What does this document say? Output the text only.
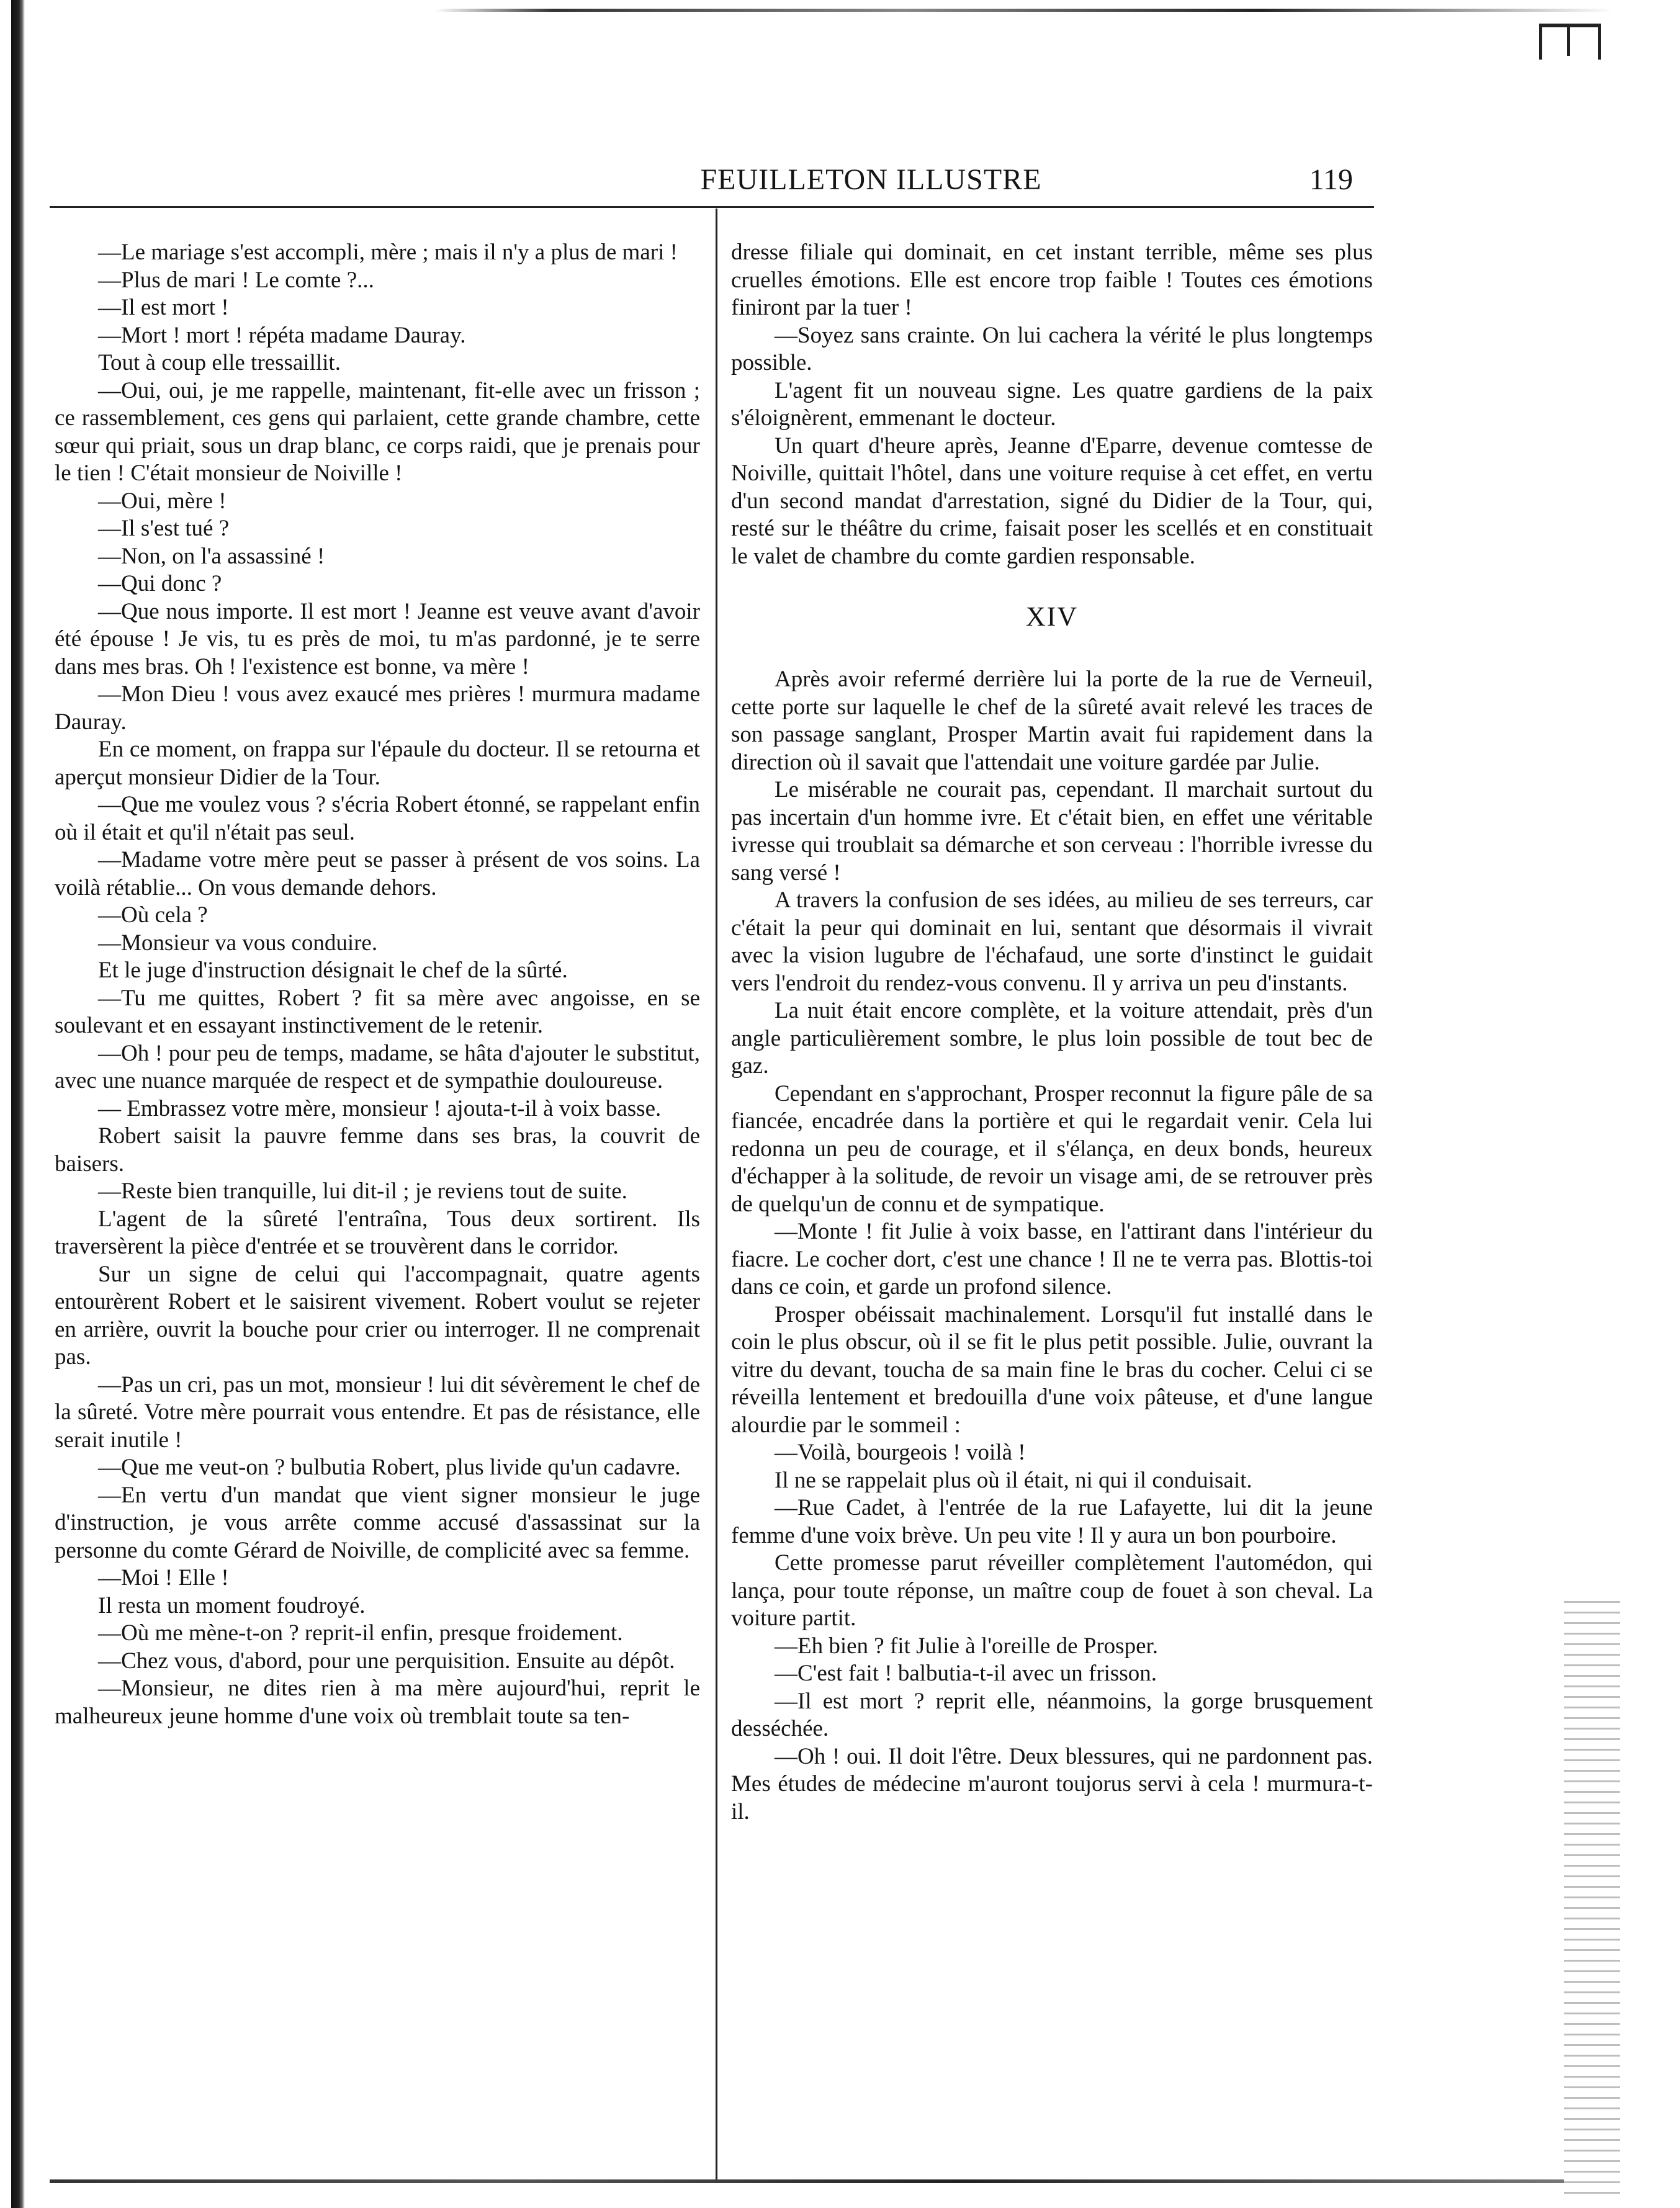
FEUILLETON ILLUSTRE	119

—Le mariage s'est accompli, mère ; mais il n'y a plus de mari !

—Plus de mari ! Le comte ?...

—Il est mort !

—Mort ! mort ! répéta madame Dauray.

Tout à coup elle tressaillit.

—Oui, oui, je me rappelle, maintenant, fit-elle avec un frisson ; ce rassemblement, ces gens qui parlaient, cette grande chambre, cette sœur qui priait, sous un drap blanc, ce corps raidi, que je prenais pour le tien ! C'était monsieur de Noiville !

—Oui, mère !

—Il s'est tué ?

—Non, on l'a assassiné !

—Qui donc ?

—Que nous importe. Il est mort ! Jeanne est veuve avant d'avoir été épouse ! Je vis, tu es près de moi, tu m'as pardonné, je te serre dans mes bras. Oh ! l'existence est bonne, va mère !

—Mon Dieu ! vous avez exaucé mes prières ! murmura madame Dauray.

En ce moment, on frappa sur l'épaule du docteur. Il se retourna et aperçut monsieur Didier de la Tour.

—Que me voulez vous ? s'écria Robert étonné, se rappelant enfin où il était et qu'il n'était pas seul.

—Madame votre mère peut se passer à présent de vos soins. La voilà rétablie... On vous demande dehors.

—Où cela ?

—Monsieur va vous conduire.

Et le juge d'instruction désignait le chef de la sûrté.

—Tu me quittes, Robert ? fit sa mère avec angoisse, en se soulevant et en essayant instinctivement de le retenir.

—Oh ! pour peu de temps, madame, se hâta d'ajouter le substitut, avec une nuance marquée de respect et de sympathie douloureuse.

— Embrassez votre mère, monsieur ! ajouta-t-il à voix basse.

Robert saisit la pauvre femme dans ses bras, la couvrit de baisers.

—Reste bien tranquille, lui dit-il ; je reviens tout de suite.

L'agent de la sûreté l'entraîna, Tous deux sortirent. Ils traversèrent la pièce d'entrée et se trouvèrent dans le corridor.

Sur un signe de celui qui l'accompagnait, quatre agents entourèrent Robert et le saisirent vivement. Robert voulut se rejeter en arrière, ouvrit la bouche pour crier ou interroger. Il ne comprenait pas.

—Pas un cri, pas un mot, monsieur ! lui dit sévèrement le chef de la sûreté. Votre mère pourrait vous entendre. Et pas de résistance, elle serait inutile !

—Que me veut-on ? bulbutia Robert, plus livide qu'un cadavre.

—En vertu d'un mandat que vient signer monsieur le juge d'instruction, je vous arrête comme accusé d'assassinat sur la personne du comte Gérard de Noiville, de complicité avec sa femme.

—Moi ! Elle !

Il resta un moment foudroyé.

—Où me mène-t-on ? reprit-il enfin, presque froidement.

—Chez vous, d'abord, pour une perquisition. Ensuite au dépôt.

—Monsieur, ne dites rien à ma mère aujourd'hui, reprit le malheureux jeune homme d'une voix où tremblait toute sa ten-

dresse filiale qui dominait, en cet instant terrible, même ses plus cruelles émotions. Elle est encore trop faible ! Toutes ces émotions finiront par la tuer !

—Soyez sans crainte. On lui cachera la vérité le plus longtemps possible.

L'agent fit un nouveau signe. Les quatre gardiens de la paix s'éloignèrent, emmenant le docteur.

Un quart d'heure après, Jeanne d'Eparre, devenue comtesse de Noiville, quittait l'hôtel, dans une voiture requise à cet effet, en vertu d'un second mandat d'arrestation, signé du Didier de la Tour, qui, resté sur le théâtre du crime, faisait poser les scellés et en constituait le valet de chambre du comte gardien responsable.

XIV

Après avoir refermé derrière lui la porte de la rue de Verneuil, cette porte sur laquelle le chef de la sûreté avait relevé les traces de son passage sanglant, Prosper Martin avait fui rapidement dans la direction où il savait que l'attendait une voiture gardée par Julie.

Le misérable ne courait pas, cependant. Il marchait surtout du pas incertain d'un homme ivre. Et c'était bien, en effet une véritable ivresse qui troublait sa démarche et son cerveau : l'horrible ivresse du sang versé !

A travers la confusion de ses idées, au milieu de ses terreurs, car c'était la peur qui dominait en lui, sentant que désormais il vivrait avec la vision lugubre de l'échafaud, une sorte d'instinct le guidait vers l'endroit du rendez-vous convenu. Il y arriva un peu d'instants.

La nuit était encore complète, et la voiture attendait, près d'un angle particulièrement sombre, le plus loin possible de tout bec de gaz.

Cependant en s'approchant, Prosper reconnut la figure pâle de sa fiancée, encadrée dans la portière et qui le regardait venir. Cela lui redonna un peu de courage, et il s'élança, en deux bonds, heureux d'échapper à la solitude, de revoir un visage ami, de se retrouver près de quelqu'un de connu et de sympatique.

—Monte ! fit Julie à voix basse, en l'attirant dans l'intérieur du fiacre. Le cocher dort, c'est une chance ! Il ne te verra pas. Blottis-toi dans ce coin, et garde un profond silence.

Prosper obéissait machinalement. Lorsqu'il fut installé dans le coin le plus obscur, où il se fit le plus petit possible. Julie, ouvrant la vitre du devant, toucha de sa main fine le bras du cocher. Celui ci se réveilla lentement et bredouilla d'une voix pâteuse, et d'une langue alourdie par le sommeil :

—Voilà, bourgeois ! voilà !

Il ne se rappelait plus où il était, ni qui il conduisait.

—Rue Cadet, à l'entrée de la rue Lafayette, lui dit la jeune femme d'une voix brève. Un peu vite ! Il y aura un bon pourboire.

Cette promesse parut réveiller complètement l'automédon, qui lança, pour toute réponse, un maître coup de fouet à son cheval. La voiture partit.

—Eh bien ? fit Julie à l'oreille de Prosper.

—C'est fait ! balbutia-t-il avec un frisson.

—Il est mort ? reprit elle, néanmoins, la gorge brusquement desséchée.

—Oh ! oui. Il doit l'être. Deux blessures, qui ne pardonnent pas. Mes études de médecine m'auront toujorus servi à cela ! murmura-t-il.
